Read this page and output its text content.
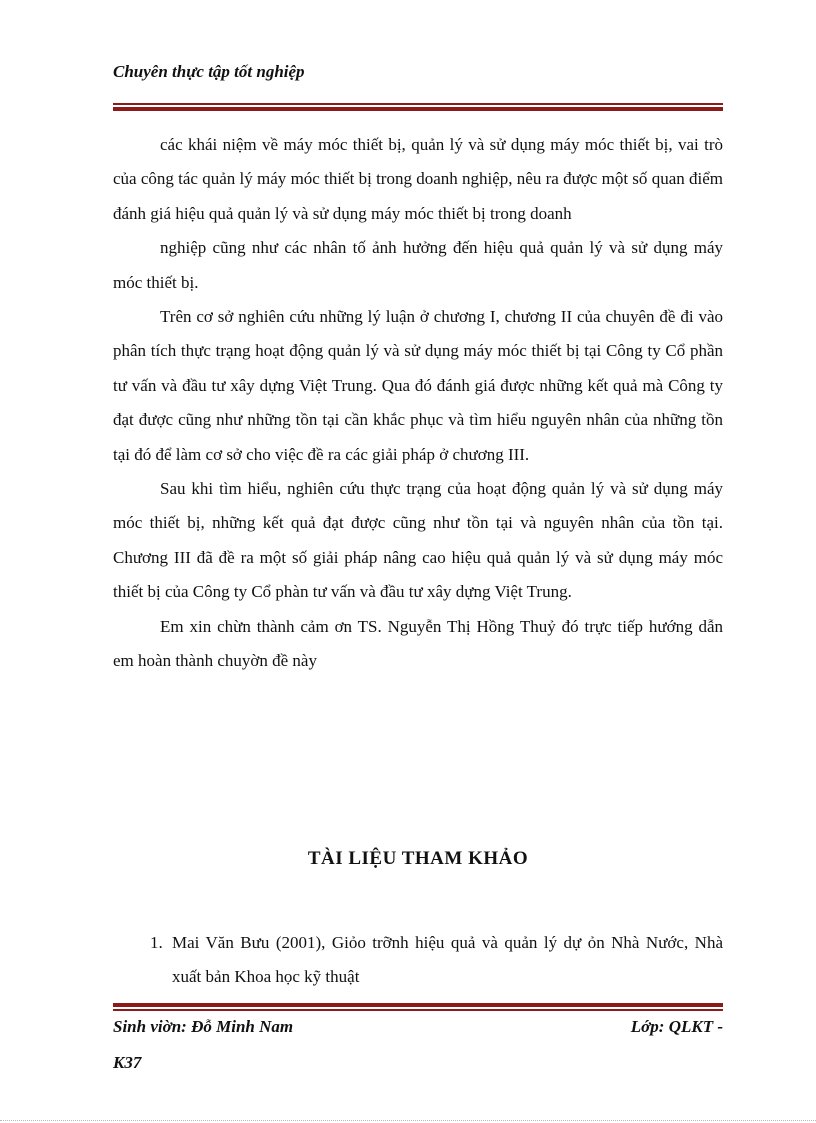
Chuyên thực tập tốt nghiệp

các khái niệm về máy móc thiết bị, quản lý và sử dụng máy móc thiết bị, vai trò của công tác quản lý máy móc thiết bị trong doanh nghiệp, nêu ra được một số quan điểm đánh giá hiệu quả quản lý và sử dụng máy móc thiết bị trong doanh

nghiệp cũng như các nhân tố ảnh hưởng đến hiệu quả quản lý và sử dụng máy móc thiết bị.

Trên cơ sở nghiên cứu những lý luận ở chương I, chương II của chuyên đề đi vào phân tích thực trạng hoạt động quản lý và sử dụng máy móc thiết bị tại Công ty Cổ phần tư vấn và đầu tư xây dựng Việt Trung. Qua đó đánh giá được những kết quả mà Công ty đạt được cũng như những tồn tại cần khắc phục và tìm hiểu nguyên nhân của những tồn tại đó để làm cơ sở cho việc đề ra các giải pháp ở chương III.

Sau khi tìm hiểu, nghiên cứu thực trạng của hoạt động quản lý và sử dụng máy móc thiết bị, những kết quả đạt được cũng như tồn tại và nguyên nhân của tồn tại. Chương III đã đề ra một số giải pháp nâng cao hiệu quả quản lý và sử dụng máy móc thiết bị của Công ty Cổ phàn tư vấn và đầu tư xây dựng Việt Trung.

Em xin chừn thành cảm ơn TS. Nguyễn Thị Hồng Thuỷ đó trực tiếp hướng dẫn em hoàn thành chuyờn đề này

TÀI LIỆU THAM KHẢO
1. Mai Văn Bưu (2001), Giỏo trỡnh hiệu quả và quản lý dự ỏn Nhà Nước, Nhà xuất bản Khoa học kỹ thuật
Sinh viờn: Đỗ Minh Nam	Lớp: QLKT -
K37
